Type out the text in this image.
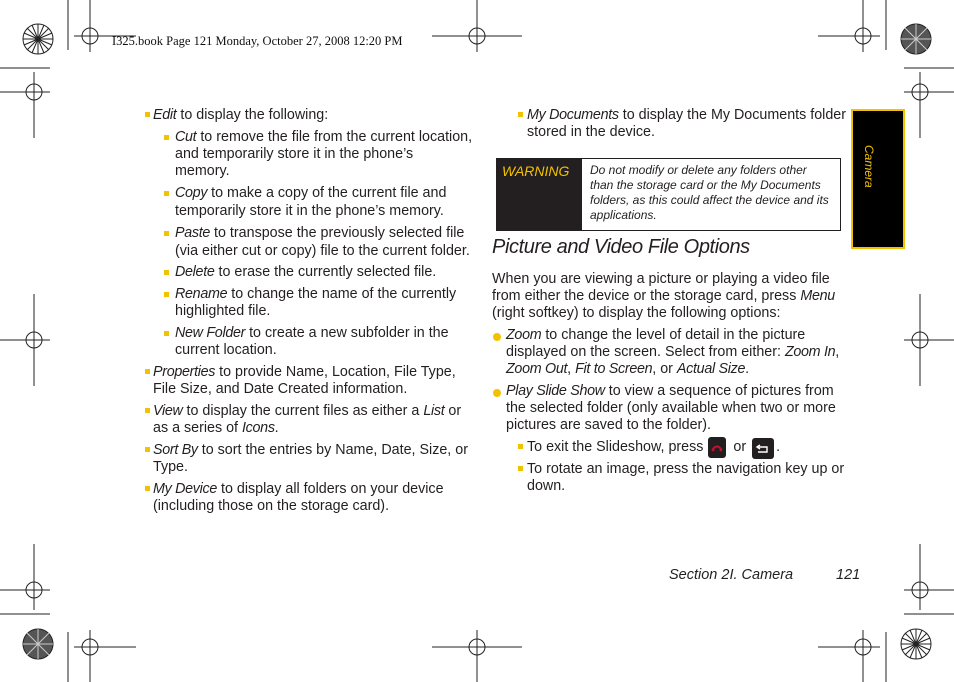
I325.book Page 121 Monday, October 27, 2008 12:20 PM
Camera
Edit to display the following:
Cut to remove the file from the current location,
and temporarily store it in the phone’s
memory.
Copy to make a copy of the current file and
temporarily store it in the phone’s memory.
Paste to transpose the previously selected file
(via either cut or copy) file to the current folder.
Delete to erase the currently selected file.
Rename to change the name of the currently
highlighted file.
New Folder to create a new subfolder in the
current location.
Properties to provide Name, Location, File Type,
File Size, and Date Created information.
View to display the current files as either a List or
as a series of Icons.
Sort By to sort the entries by Name, Date, Size, or
Type.
My Device to display all folders on your device
(including those on the storage card).
My Documents to display the My Documents folder
stored in the device.
WARNING Do not modify or delete any folders other
than the storage card or the My Documents
folders, as this could affect the device and its
applications.
Picture and Video File Options
When you are viewing a picture or playing a video file
from either the device or the storage card, press Menu
(right softkey) to display the following options:
Zoom to change the level of detail in the picture
displayed on the screen. Select from either: Zoom In,
Zoom Out, Fit to Screen, or Actual Size.
Play Slide Show to view a sequence of pictures from
the selected folder (only available when two or more
pictures are saved to the folder).
To exit the Slideshow, press  or .
To rotate an image, press the navigation key up or
down.
Section 2I. Camera	121
